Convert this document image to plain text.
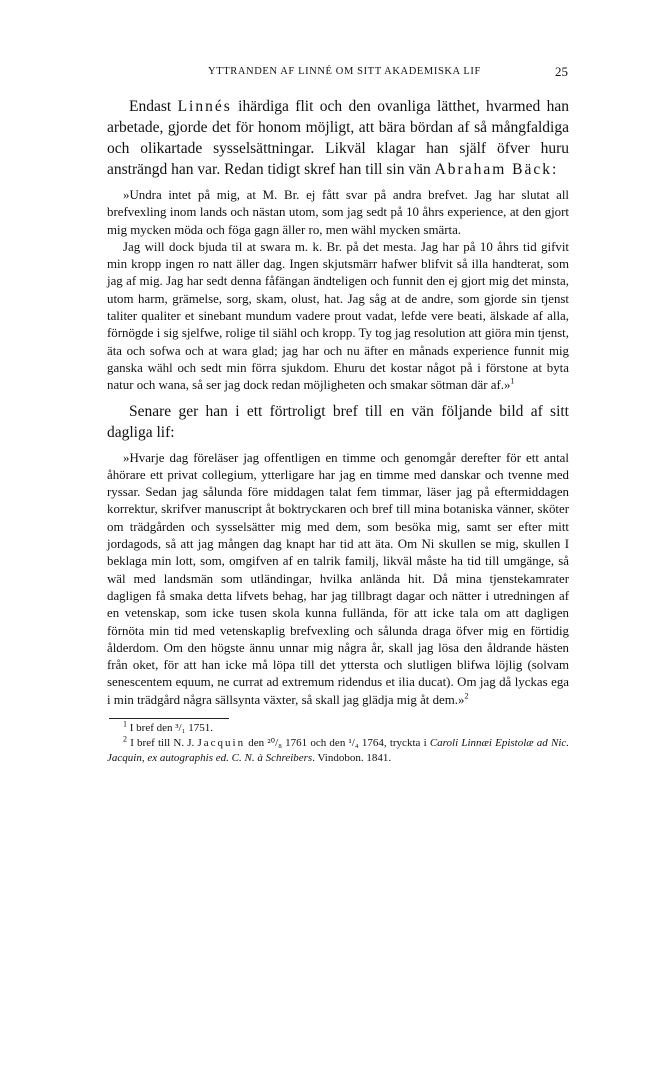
YTTRANDEN AF LINNÉ OM SITT AKADEMISKA LIF	25

Endast Linnés ihärdiga flit och den ovanliga lätthet, hvarmed han arbetade, gjorde det för honom möjligt, att bära bördan af så mångfaldiga och olikartade sysselsättningar. Likväl klagar han själf öfver huru ansträngd han var. Redan tidigt skref han till sin vän Abraham Bäck:

»Undra intet på mig, at M. Br. ej fått svar på andra brefvet. Jag har slutat all brefvexling inom lands och nästan utom, som jag sedt på 10 åhrs experience, at den gjort mig mycken möda och föga gagn äller ro, men wähl mycken smärta.

Jag will dock bjuda til at swara m. k. Br. på det mesta. Jag har på 10 åhrs tid gifvit min kropp ingen ro natt äller dag. Ingen skjutsmärr hafwer blifvit så illa handterat, som jag af mig. Jag har sedt denna fåfängan ändteligen och funnit den ej gjort mig det minsta, utom harm, grämelse, sorg, skam, olust, hat. Jag såg at de andre, som gjorde sin tjenst taliter qualiter et sinebant mundum vadere prout vadat, lefde vere beati, älskade af alla, förnögde i sig sjelfwe, rolige til siähl och kropp. Ty tog jag resolution att giöra min tjenst, äta och sofwa och at wara glad; jag har och nu äfter en månads experience funnit mig ganska wähl och sedt min förra sjukdom. Ehuru det kostar något på i förstone at byta natur och wana, så ser jag dock redan möjligheten och smakar sötman där af.»$^1$

Senare ger han i ett förtroligt bref till en vän följande bild af sitt dagliga lif:

»Hvarje dag föreläser jag offentligen en timme och genomgår derefter för ett antal åhörare ett privat collegium, ytterligare har jag en timme med danskar och tvenne med ryssar. Sedan jag sålunda före middagen talat fem timmar, läser jag på eftermiddagen korrektur, skrifver manuscript åt boktryckaren och bref till mina botaniska vänner, sköter om trädgården och sysselsätter mig med dem, som besöka mig, samt ser efter mitt jordagods, så att jag mången dag knapt har tid att äta. Om Ni skullen se mig, skullen I beklaga min lott, som, omgifven af en talrik familj, likväl måste ha tid till umgänge, så wäl med landsmän som utländingar, hvilka anlända hit. Då mina tjenstekamrater dagligen få smaka detta lifvets behag, har jag tillbragt dagar och nätter i utredningen af en vetenskap, som icke tusen skola kunna fulländа, för att icke tala om att dagligen förnöta min tid med vetenskaplig brefvexling och sålunda draga öfver mig en förtidig ålderdom. Om den högste ännu unnar mig några år, skall jag lösa den åldrande hästen från oket, för att han icke må löpa till det yttersta och slutligen blifwa löjlig (solvam senescentem equum, ne currat ad extremum ridendus et ilia ducat). Om jag då lyckas ega i min trädgård några sällsynta växter, så skall jag glädja mig åt dem.»$^2$

$^1$ I bref den ³/₁ 1751.

$^2$ I bref till N. J. Jacquin den ²⁰/₈ 1761 och den ¹/₄ 1764, tryckta i Caroli Linnæi Epistolæ ad Nic. Jacquin, ex autographis ed. C. N. à Schreibers. Vindobon. 1841.
